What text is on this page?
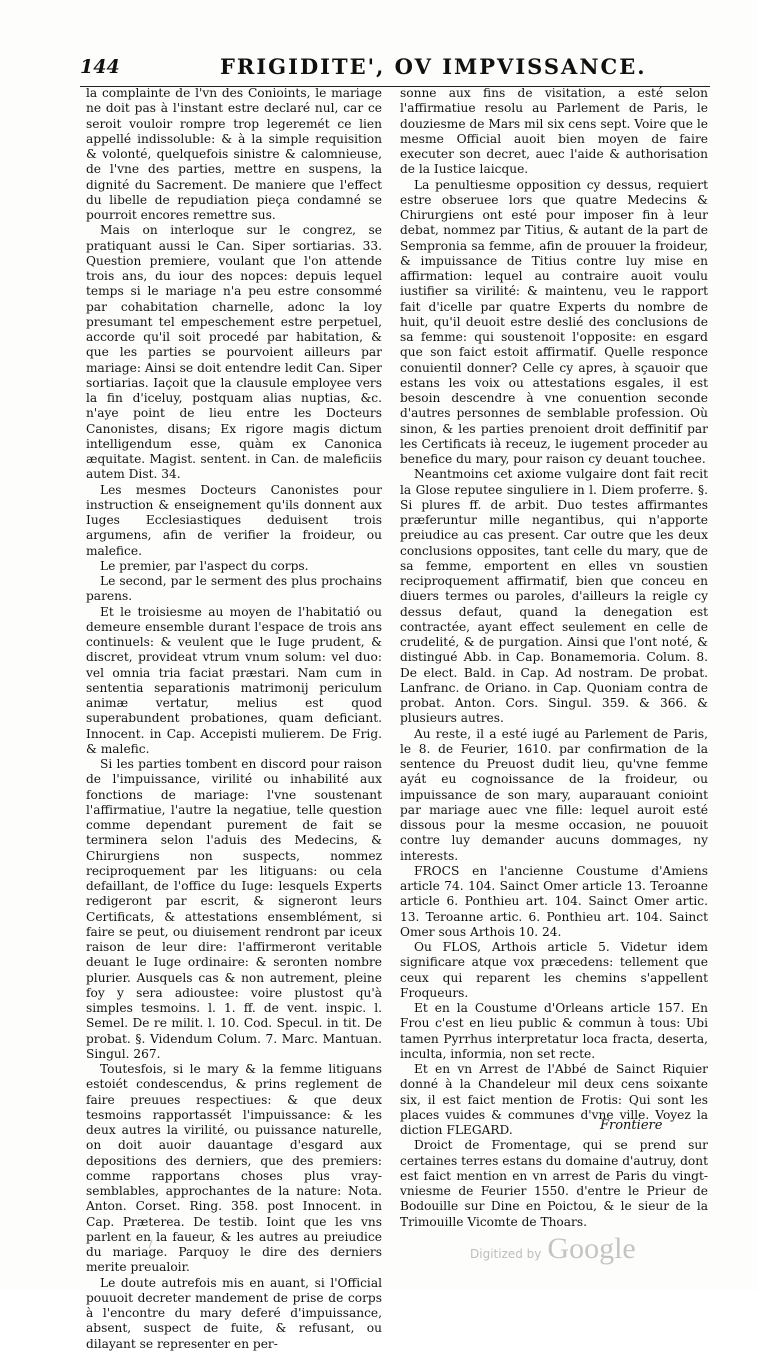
144	FRIGIDITE', OV IMPVISSANCE.

la complainte de l'vn des Conioints, le mariage ne doit pas à l'instant estre declaré nul, car ce seroit vouloir rompre trop legeremét ce lien appellé indissoluble: & à la simple requisition & volonté, quelquefois sinistre & calomnieuse, de l'vne des parties, mettre en suspens, la dignité du Sacrement. De maniere que l'effect du libelle de repudiation pieça condamné se pourroit encores remettre sus.

Mais on interloque sur le congrez, se pratiquant aussi le Can. Siper sortiarias. 33. Question premiere, voulant que l'on attende trois ans, du iour des nopces: depuis lequel temps si le mariage n'a peu estre consommé par cohabitation charnelle, adonc la loy presumant tel empeschement estre perpetuel, accorde qu'il soit procedé par habitation, & que les parties se pourvoient ailleurs par mariage: Ainsi se doit entendre ledit Can. Siper sortiarias. Iaçoit que la clausule employee vers la fin d'iceluy, postquam alias nuptias, &c. n'aye point de lieu entre les Docteurs Canonistes, disans; Ex rigore magis dictum intelligendum esse, quàm ex Canonica æquitate. Magist. sentent. in Can. de maleficiis autem Dist. 34.

Les mesmes Docteurs Canonistes pour instruction & enseignement qu'ils donnent aux Iuges Ecclesiastiques deduisent trois argumens, afin de verifier la froideur, ou malefice.

Le premier, par l'aspect du corps.

Le second, par le serment des plus prochains parens.

Et le troisiesme au moyen de l'habitatió ou demeure ensemble durant l'espace de trois ans continuels: & veulent que le Iuge prudent, & discret, provideat vtrum vnum solum: vel duo: vel omnia tria faciat præstari. Nam cum in sententia separationis matrimonij periculum animæ vertatur, melius est quod superabundent probationes, quam deficiant. Innocent. in Cap. Accepisti mulierem. De Frig. & malefic.

Si les parties tombent en discord pour raison de l'impuissance, virilité ou inhabilité aux fonctions de mariage: l'vne soustenant l'affirmatiue, l'autre la negatiue, telle question comme dependant purement de fait se terminera selon l'aduis des Medecins, & Chirurgiens non suspects, nommez reciproquement par les litiguans: ou cela defaillant, de l'office du Iuge: lesquels Experts redigeront par escrit, & signeront leurs Certificats, & attestations ensemblément, si faire se peut, ou diuisement rendront par iceux raison de leur dire: l'affirmeront veritable deuant le Iuge ordinaire: & seronten nombre plurier. Ausquels cas & non autrement, pleine foy y sera adioustee: voire plustost qu'à simples tesmoins. l. 1. ff. de vent. inspic. l. Semel. De re milit. l. 10. Cod. Specul. in tit. De probat. §. Videndum Colum. 7. Marc. Mantuan. Singul. 267.

Toutesfois, si le mary & la femme litiguans estoiét condescendus, & prins reglement de faire preuues respectiues: & que deux tesmoins rapportassét l'impuissance: & les deux autres la virilité, ou puissance naturelle, on doit auoir dauantage d'esgard aux depositions des derniers, que des premiers: comme rapportans choses plus vray-semblables, approchantes de la nature: Nota. Anton. Corset. Ring. 358. post Innocent. in Cap. Præterea. De testib. Ioint que les vns parlent en la faueur, & les autres au preiudice du mariage. Parquoy le dire des derniers merite preualoir.

Le doute autrefois mis en auant, si l'Official pouuoit decreter mandement de prise de corps à l'encontre du mary deferé d'impuissance, absent, suspect de fuite, & refusant, ou dilayant se representer en per-

sonne aux fins de visitation, a esté selon l'affirmatiue resolu au Parlement de Paris, le douziesme de Mars mil six cens sept. Voire que le mesme Official auoit bien moyen de faire executer son decret, auec l'aide & authorisation de la Iustice laicque.

La penultiesme opposition cy dessus, requiert estre obseruee lors que quatre Medecins & Chirurgiens ont esté pour imposer fin à leur debat, nommez par Titius, & autant de la part de Sempronia sa femme, afin de prouuer la froideur, & impuissance de Titius contre luy mise en affirmation: lequel au contraire auoit voulu iustifier sa virilité: & maintenu, veu le rapport fait d'icelle par quatre Experts du nombre de huit, qu'il deuoit estre deslié des conclusions de sa femme: qui soustenoit l'opposite: en esgard que son faict estoit affirmatif. Quelle responce conuientil donner? Celle cy apres, à sçauoir que estans les voix ou attestations esgales, il est besoin descendre à vne conuention seconde d'autres personnes de semblable profession. Où sinon, & les parties prenoient droit deffinitif par les Certificats ià receuz, le iugement proceder au benefice du mary, pour raison cy deuant touchee.

Neantmoins cet axiome vulgaire dont fait recit la Glose reputee singuliere in l. Diem proferre. §. Si plures ff. de arbit. Duo testes affirmantes præferuntur mille negantibus, qui n'apporte preiudice au cas present. Car outre que les deux conclusions opposites, tant celle du mary, que de sa femme, emportent en elles vn soustien reciproquement affirmatif, bien que conceu en diuers termes ou paroles, d'ailleurs la reigle cy dessus defaut, quand la denegation est contractée, ayant effect seulement en celle de crudelité, & de purgation. Ainsi que l'ont noté, & distingué Abb. in Cap. Bonamemoria. Colum. 8. De elect. Bald. in Cap. Ad nostram. De probat. Lanfranc. de Oriano. in Cap. Quoniam contra de probat. Anton. Cors. Singul. 359. & 366. & plusieurs autres.

Au reste, il a esté iugé au Parlement de Paris, le 8. de Feurier, 1610. par confirmation de la sentence du Preuost dudit lieu, qu'vne femme ayát eu cognoissance de la froideur, ou impuissance de son mary, auparauant conioint par mariage auec vne fille: lequel auroit esté dissous pour la mesme occasion, ne pouuoit contre luy demander aucuns dommages, ny interests.

FROCS en l'ancienne Coustume d'Amiens article 74. 104. Sainct Omer article 13. Teroanne article 6. Ponthieu art. 104. Sainct Omer artic. 13. Teroanne artic. 6. Ponthieu art. 104. Sainct Omer sous Arthois 10. 24.

Ou FLOS, Arthois article 5. Videtur idem significare atque vox præcedens: tellement que ceux qui reparent les chemins s'appellent Froqueurs.

Et en la Coustume d'Orleans article 157. En Frou c'est en lieu public & commun à tous: Ubi tamen Pyrrhus interpretatur loca fracta, deserta, inculta, informia, non set recte.

Et en vn Arrest de l'Abbé de Sainct Riquier donné à la Chandeleur mil deux cens soixante six, il est faict mention de Frotis: Qui sont les places vuides & communes d'vne ville. Voyez la diction FLEGARD.

Droict de Fromentage, qui se prend sur certaines terres estans du domaine d'autruy, dont est faict mention en vn arrest de Paris du vingt-vniesme de Feurier 1550. d'entre le Prieur de Bodouille sur Dine en Poictou, & le sieur de la Trimouille Vicomte de Thoars.

Frontiere
Digitized by Google
